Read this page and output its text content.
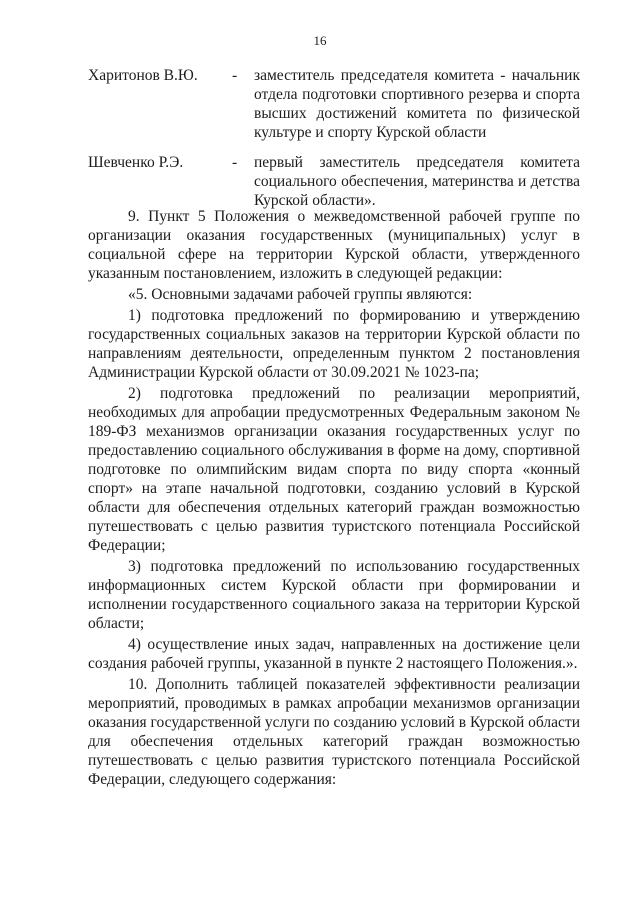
16
Харитонов В.Ю.	-	заместитель председателя комитета - начальник отдела подготовки спортивного резерва и спорта высших достижений комитета по физической культуре и спорту Курской области
Шевченко Р.Э.	-	первый заместитель председателя комитета социального обеспечения, материнства и детства Курской области».

9. Пункт 5 Положения о межведомственной рабочей группе по организации оказания государственных (муниципальных) услуг в социальной сфере на территории Курской области, утвержденного указанным постановлением, изложить в следующей редакции:

«5. Основными задачами рабочей группы являются:

1) подготовка предложений по формированию и утверждению государственных социальных заказов на территории Курской области по направлениям деятельности, определенным пунктом 2 постановления Администрации Курской области от 30.09.2021 № 1023-па;

2) подготовка предложений по реализации мероприятий, необходимых для апробации предусмотренных Федеральным законом № 189-ФЗ механизмов организации оказания государственных услуг по предоставлению социального обслуживания в форме на дому, спортивной подготовке по олимпийским видам спорта по виду спорта «конный спорт» на этапе начальной подготовки, созданию условий в Курской области для обеспечения отдельных категорий граждан возможностью путешествовать с целью развития туристского потенциала Российской Федерации;

3) подготовка предложений по использованию государственных информационных систем Курской области при формировании и исполнении государственного социального заказа на территории Курской области;

4) осуществление иных задач, направленных на достижение цели создания рабочей группы, указанной в пункте 2 настоящего Положения.».

10. Дополнить таблицей показателей эффективности реализации мероприятий, проводимых в рамках апробации механизмов организации оказания государственной услуги по созданию условий в Курской области для обеспечения отдельных категорий граждан возможностью путешествовать с целью развития туристского потенциала Российской Федерации, следующего содержания:
